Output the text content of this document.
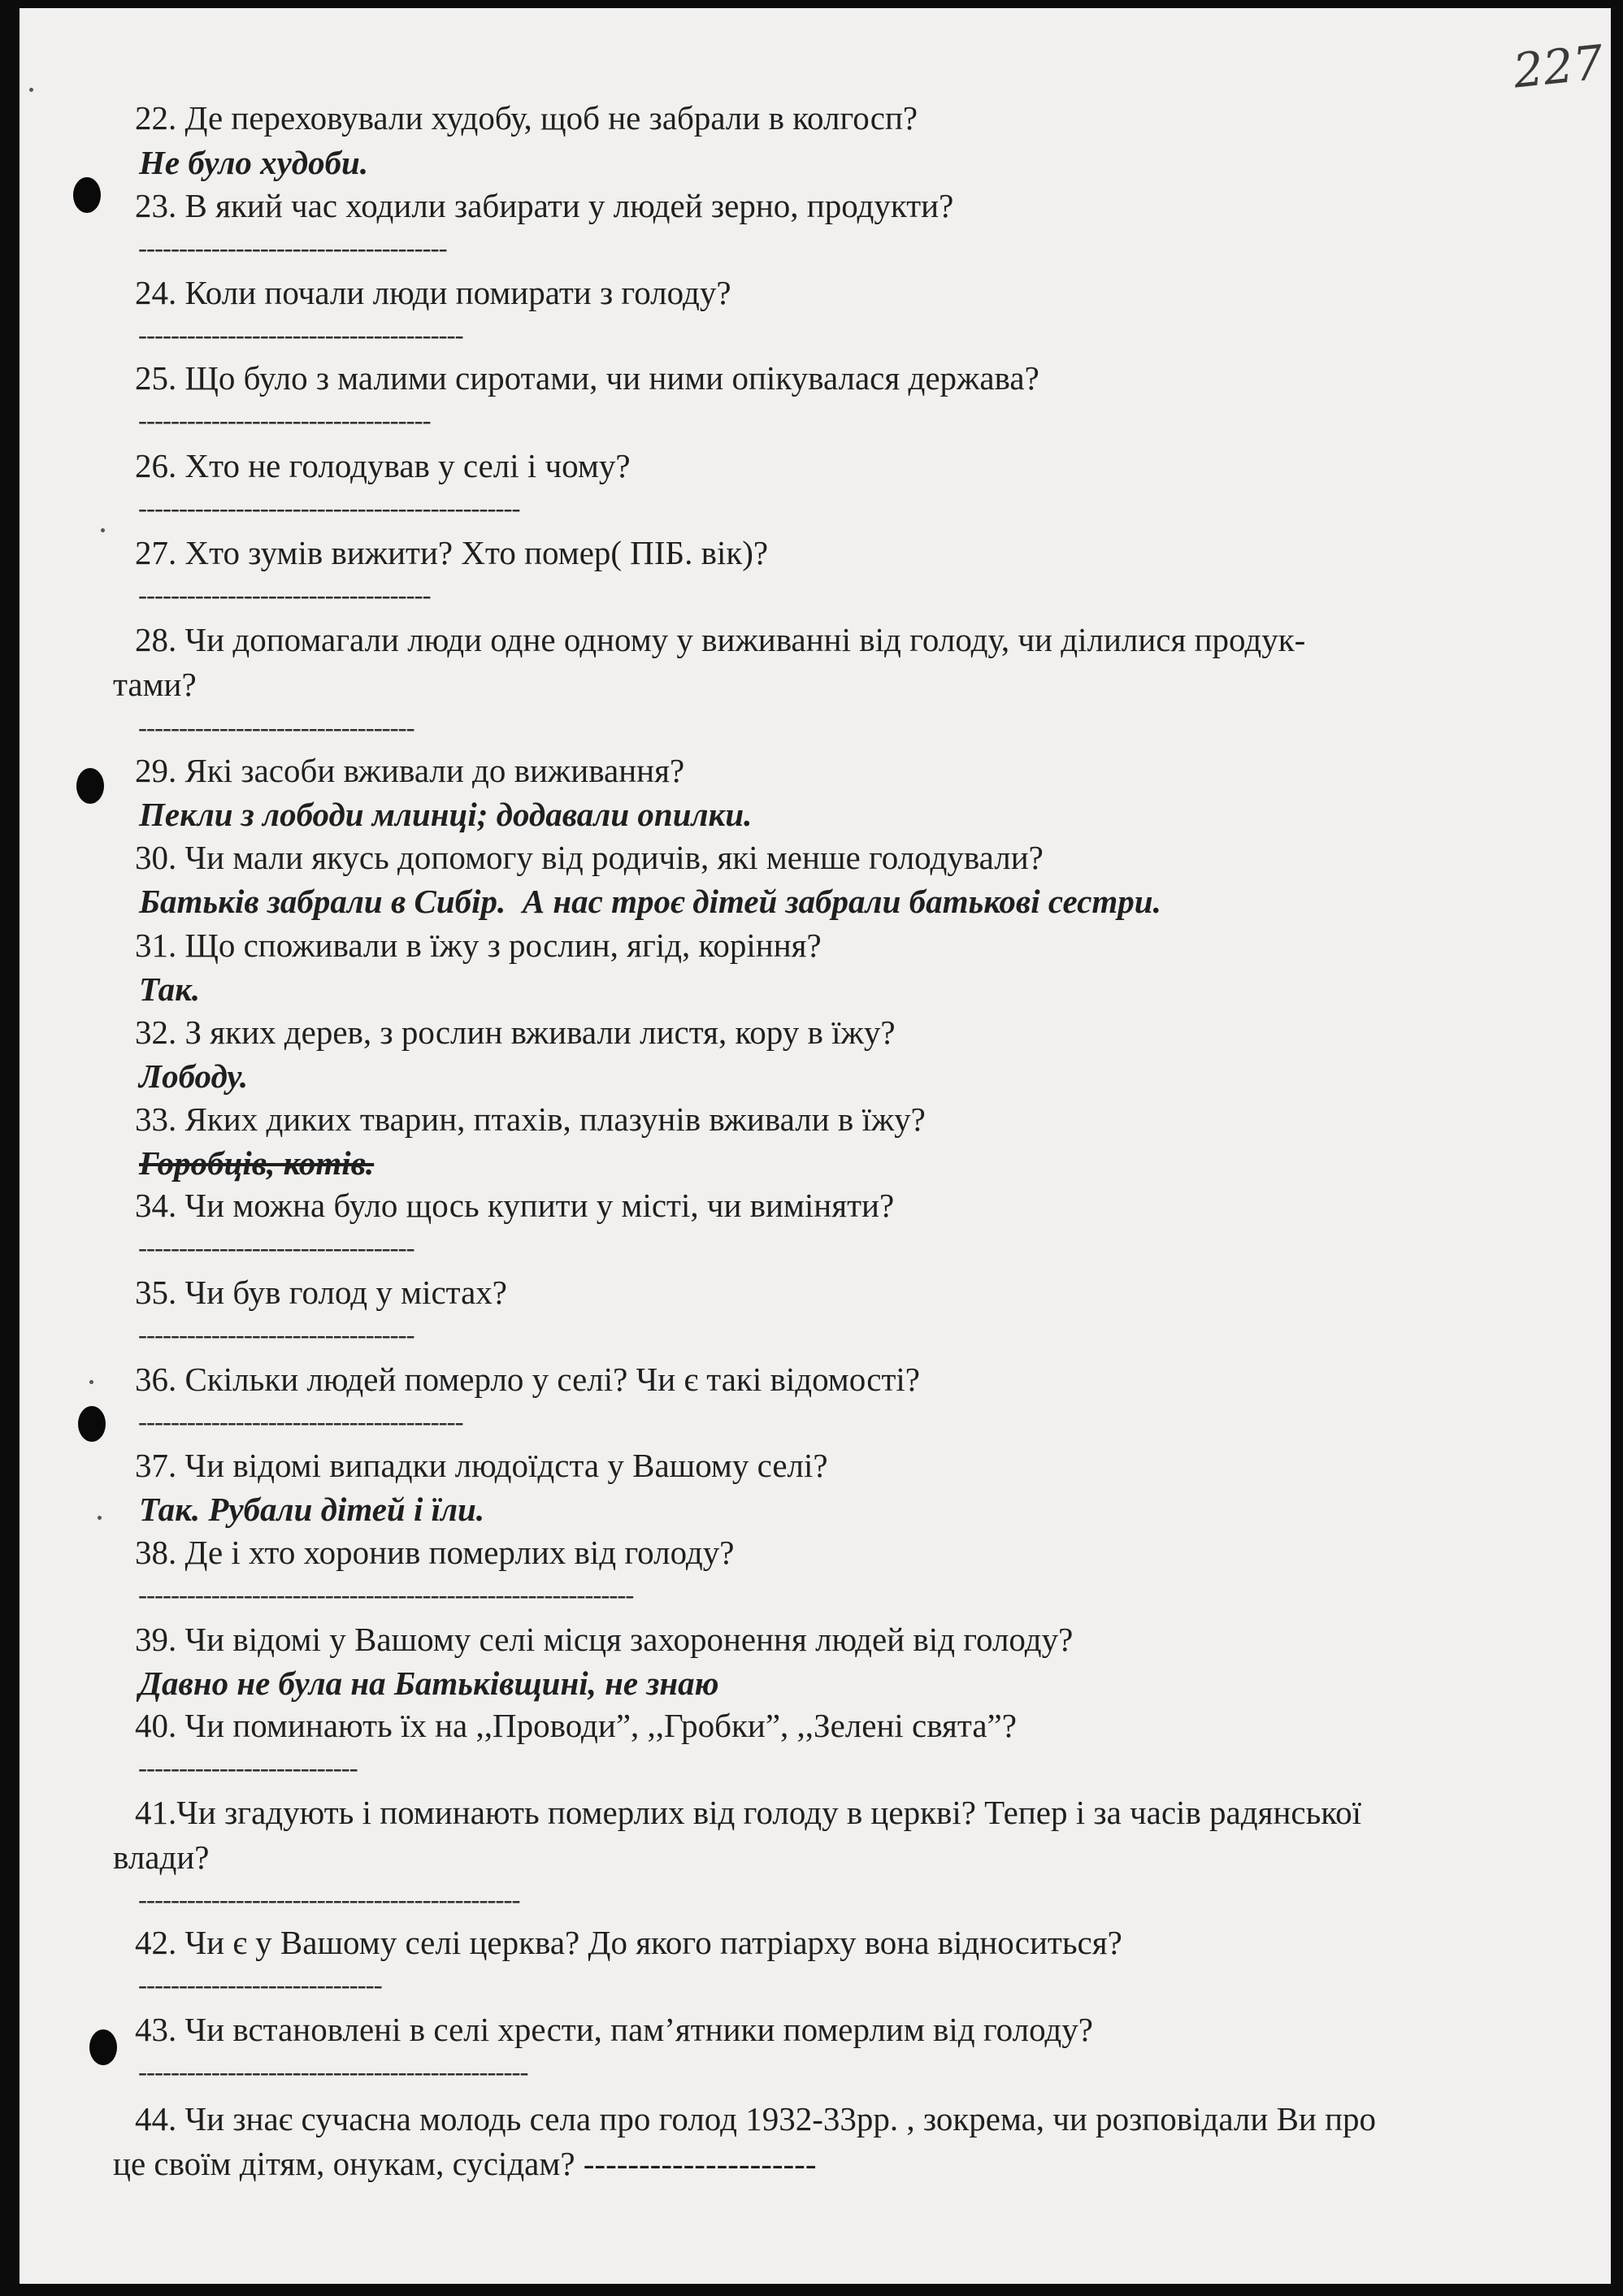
227
22. Де переховували худобу, щоб не забрали в колгосп?
Не було худоби.
23. В який час ходили забирати у людей зерно, продукти?
--------------------------------------
24. Коли почали люди помирати з голоду?
----------------------------------------
25. Що було з малими сиротами, чи ними опікувалася держава?
------------------------------------
26. Хто не голодував у селі і чому?
-----------------------------------------------
27. Хто зумів вижити? Хто помер( ПІБ. вік)?
------------------------------------
28. Чи допомагали люди одне одному у виживанні від голоду, чи ділилися продук-
тами?
----------------------------------
29. Які засоби вживали до виживання?
Пекли з лободи млинці; додавали опилки.
30. Чи мали якусь допомогу від родичів, які менше голодували?
Батьків забрали в Сибір.  А нас троє дітей забрали батькові сестри.
31. Що споживали в їжу з рослин, ягід, коріння?
Так.
32. З яких дерев, з рослин вживали листя, кору в їжу?
Лободу.
33. Яких диких тварин, птахів, плазунів вживали в їжу?
Горобців, котів.
34. Чи можна було щось купити у місті, чи виміняти?
----------------------------------
35. Чи був голод у містах?
----------------------------------
36. Скільки людей померло у селі? Чи є такі відомості?
----------------------------------------
37. Чи відомі випадки людоїдста у Вашому селі?
Так. Рубали дітей і їли.
38. Де і хто хоронив померлих від голоду?
-------------------------------------------------------------
39. Чи відомі у Вашому селі місця захоронення людей від голоду?
Давно не була на Батьківщині, не знаю
40. Чи поминають їх на ,,Проводи”, ,,Гробки”, ,,Зелені свята”?
---------------------------
41.Чи згадують і поминають померлих від голоду в церкві? Тепер і за часів радянської
влади?
-----------------------------------------------
42. Чи є у Вашому селі церква? До якого патріарху вона відноситься?
------------------------------
43. Чи встановлені в селі хрести, пам’ятники померлим від голоду?
------------------------------------------------
44. Чи знає сучасна молодь села про голод 1932-33рр. , зокрема, чи розповідали Ви про
це своїм дітям, онукам, сусідам? ---------------------
